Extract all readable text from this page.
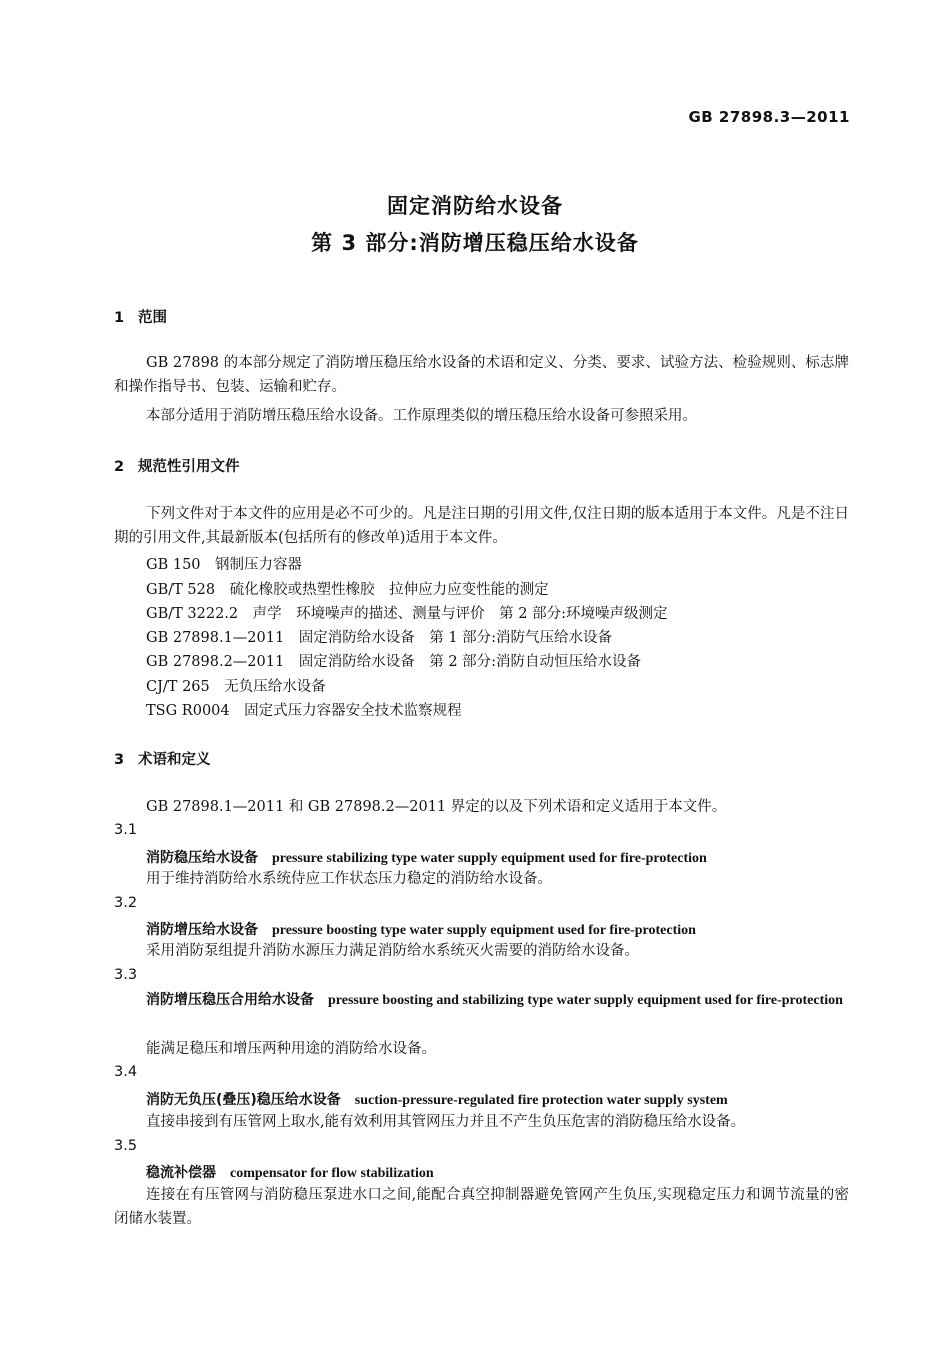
GB 27898.3—2011
固定消防给水设备
第 3 部分:消防增压稳压给水设备
1 范围
GB 27898 的本部分规定了消防增压稳压给水设备的术语和定义、分类、要求、试验方法、检验规则、标志牌和操作指导书、包装、运输和贮存。
本部分适用于消防增压稳压给水设备。工作原理类似的增压稳压给水设备可参照采用。
2 规范性引用文件
下列文件对于本文件的应用是必不可少的。凡是注日期的引用文件,仅注日期的版本适用于本文件。凡是不注日期的引用文件,其最新版本(包括所有的修改单)适用于本文件。
GB 150　钢制压力容器
GB/T 528　硫化橡胶或热塑性橡胶　拉伸应力应变性能的测定
GB/T 3222.2　声学　环境噪声的描述、测量与评价　第 2 部分:环境噪声级测定
GB 27898.1—2011　固定消防给水设备　第 1 部分:消防气压给水设备
GB 27898.2—2011　固定消防给水设备　第 2 部分:消防自动恒压给水设备
CJ/T 265　无负压给水设备
TSG R0004　固定式压力容器安全技术监察规程
3 术语和定义
GB 27898.1—2011 和 GB 27898.2—2011 界定的以及下列术语和定义适用于本文件。
3.1
消防稳压给水设备 pressure stabilizing type water supply equipment used for fire-protection
用于维持消防给水系统侍应工作状态压力稳定的消防给水设备。
3.2
消防增压给水设备 pressure boosting type water supply equipment used for fire-protection
采用消防泵组提升消防水源压力满足消防给水系统灭火需要的消防给水设备。
3.3
消防增压稳压合用给水设备 pressure boosting and stabilizing type water supply equipment used for fire-protection
能满足稳压和增压两种用途的消防给水设备。
3.4
消防无负压(叠压)稳压给水设备 suction-pressure-regulated fire protection water supply system
直接串接到有压管网上取水,能有效利用其管网压力并且不产生负压危害的消防稳压给水设备。
3.5
稳流补偿器 compensator for flow stabilization
连接在有压管网与消防稳压泵进水口之间,能配合真空抑制器避免管网产生负压,实现稳定压力和调节流量的密闭储水装置。
